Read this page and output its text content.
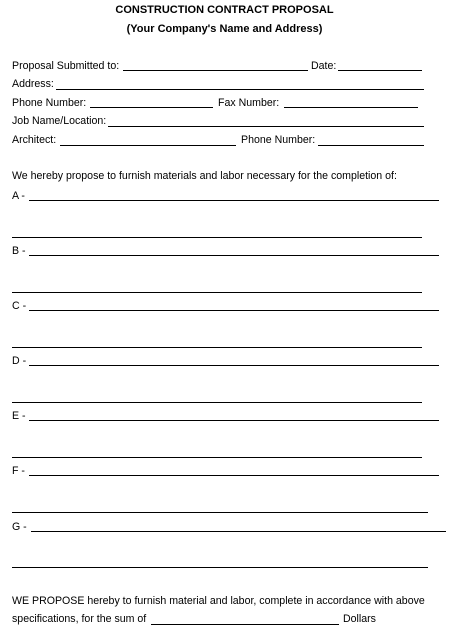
CONSTRUCTION CONTRACT PROPOSAL
(Your Company's Name and Address)
Proposal Submitted to:	Date:
Address:
Phone Number:	Fax Number:
Job Name/Location:
Architect:	Phone Number:
We hereby propose to furnish materials and labor necessary for the completion of:
A -
B -
C -
D -
E -
F -
G -
WE PROPOSE hereby to furnish material and labor, complete in accordance with above
specifications, for the sum of	Dollars
